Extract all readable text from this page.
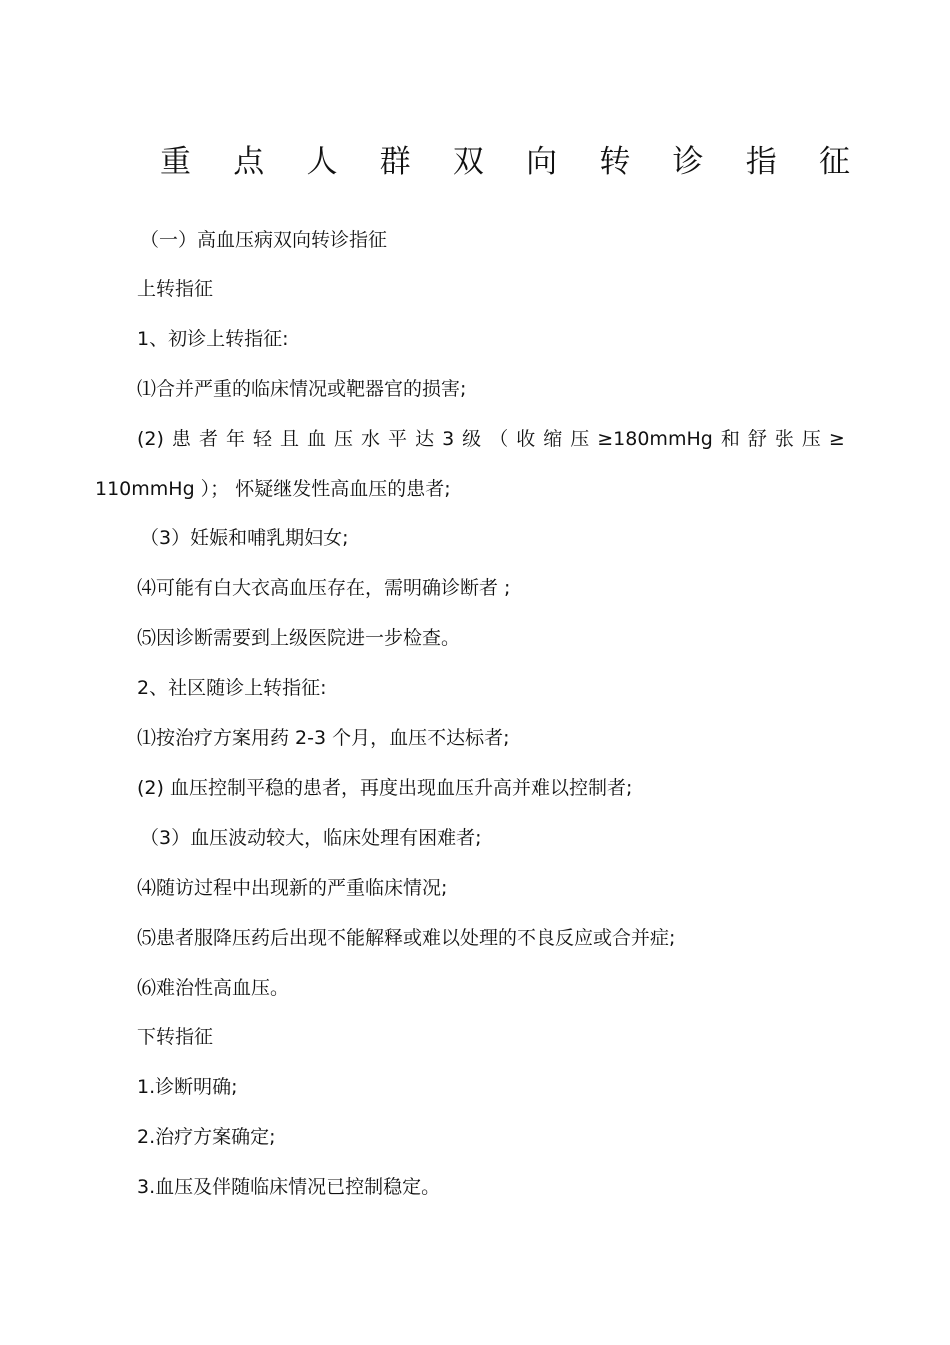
重 点 人 群 双 向 转 诊 指 征
（一）高血压病双向转诊指征
上转指征
1、初诊上转指征:
⑴合并严重的临床情况或靶器官的损害;
(2) 患 者 年 轻 且 血 压 水 平 达 3 级 （ 收 缩 压 ≥180mmHg 和 舒 张 压 ≥
110mmHg ）； 怀疑继发性高血压的患者;
（3）妊娠和哺乳期妇女;
⑷可能有白大衣高血压存在，需明确诊断者 ;
⑸因诊断需要到上级医院进一步检查。
2、社区随诊上转指征:
⑴按治疗方案用药 2-3 个月，血压不达标者;
(2) 血压控制平稳的患者，再度出现血压升高并难以控制者;
（3）血压波动较大，临床处理有困难者;
⑷随访过程中出现新的严重临床情况;
⑸患者服降压药后出现不能解释或难以处理的不良反应或合并症;
⑹难治性高血压。
下转指征
1.诊断明确;
2.治疗方案确定;
3.血压及伴随临床情况已控制稳定。
